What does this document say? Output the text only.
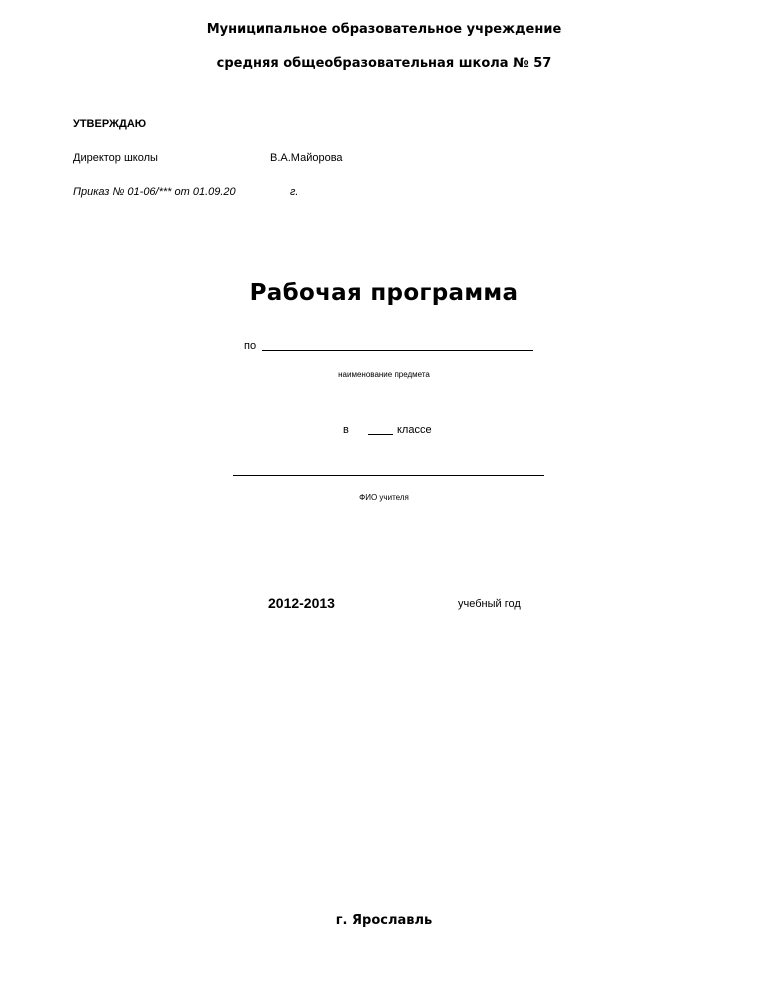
Муниципальное образовательное учреждение
средняя общеобразовательная школа № 57
УТВЕРЖДАЮ
Директор школы	В.А.Майорова
Приказ № 01-06/*** от 01.09.20	г.
Рабочая программа
по
наименование предмета
в	классе
ФИО учителя
2012-2013	учебный год
г. Ярославль
